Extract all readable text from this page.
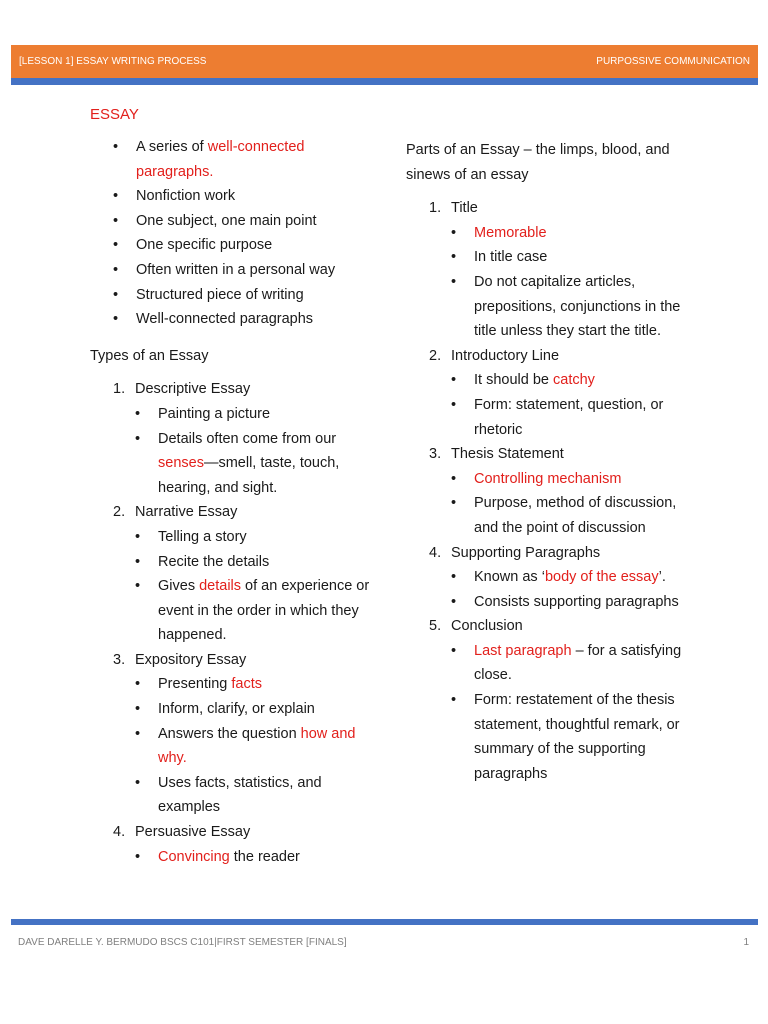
[LESSON 1] ESSAY WRITING PROCESS	PURPOSSIVE COMMUNICATION
ESSAY
• A series of well-connected paragraphs.
• Nonfiction work
• One subject, one main point
• One specific purpose
• Often written in a personal way
• Structured piece of writing
• Well-connected paragraphs
Types of an Essay
1. Descriptive Essay
• Painting a picture
• Details often come from our senses—smell, taste, touch, hearing, and sight.
2. Narrative Essay
• Telling a story
• Recite the details
• Gives details of an experience or event in the order in which they happened.
3. Expository Essay
• Presenting facts
• Inform, clarify, or explain
• Answers the question how and why.
• Uses facts, statistics, and examples
4. Persuasive Essay
• Convincing the reader

Parts of an Essay – the limps, blood, and sinews of an essay

1. Title
• Memorable
• In title case
• Do not capitalize articles, prepositions, conjunctions in the title unless they start the title.
2. Introductory Line
• It should be catchy
• Form: statement, question, or rhetoric
3. Thesis Statement
• Controlling mechanism
• Purpose, method of discussion, and the point of discussion
4. Supporting Paragraphs
• Known as ‘body of the essay’.
• Consists supporting paragraphs
5. Conclusion
• Last paragraph – for a satisfying close.
• Form: restatement of the thesis statement, thoughtful remark, or summary of the supporting paragraphs
DAVE DARELLE Y. BERMUDO BSCS C101|FIRST SEMESTER [FINALS]	1
